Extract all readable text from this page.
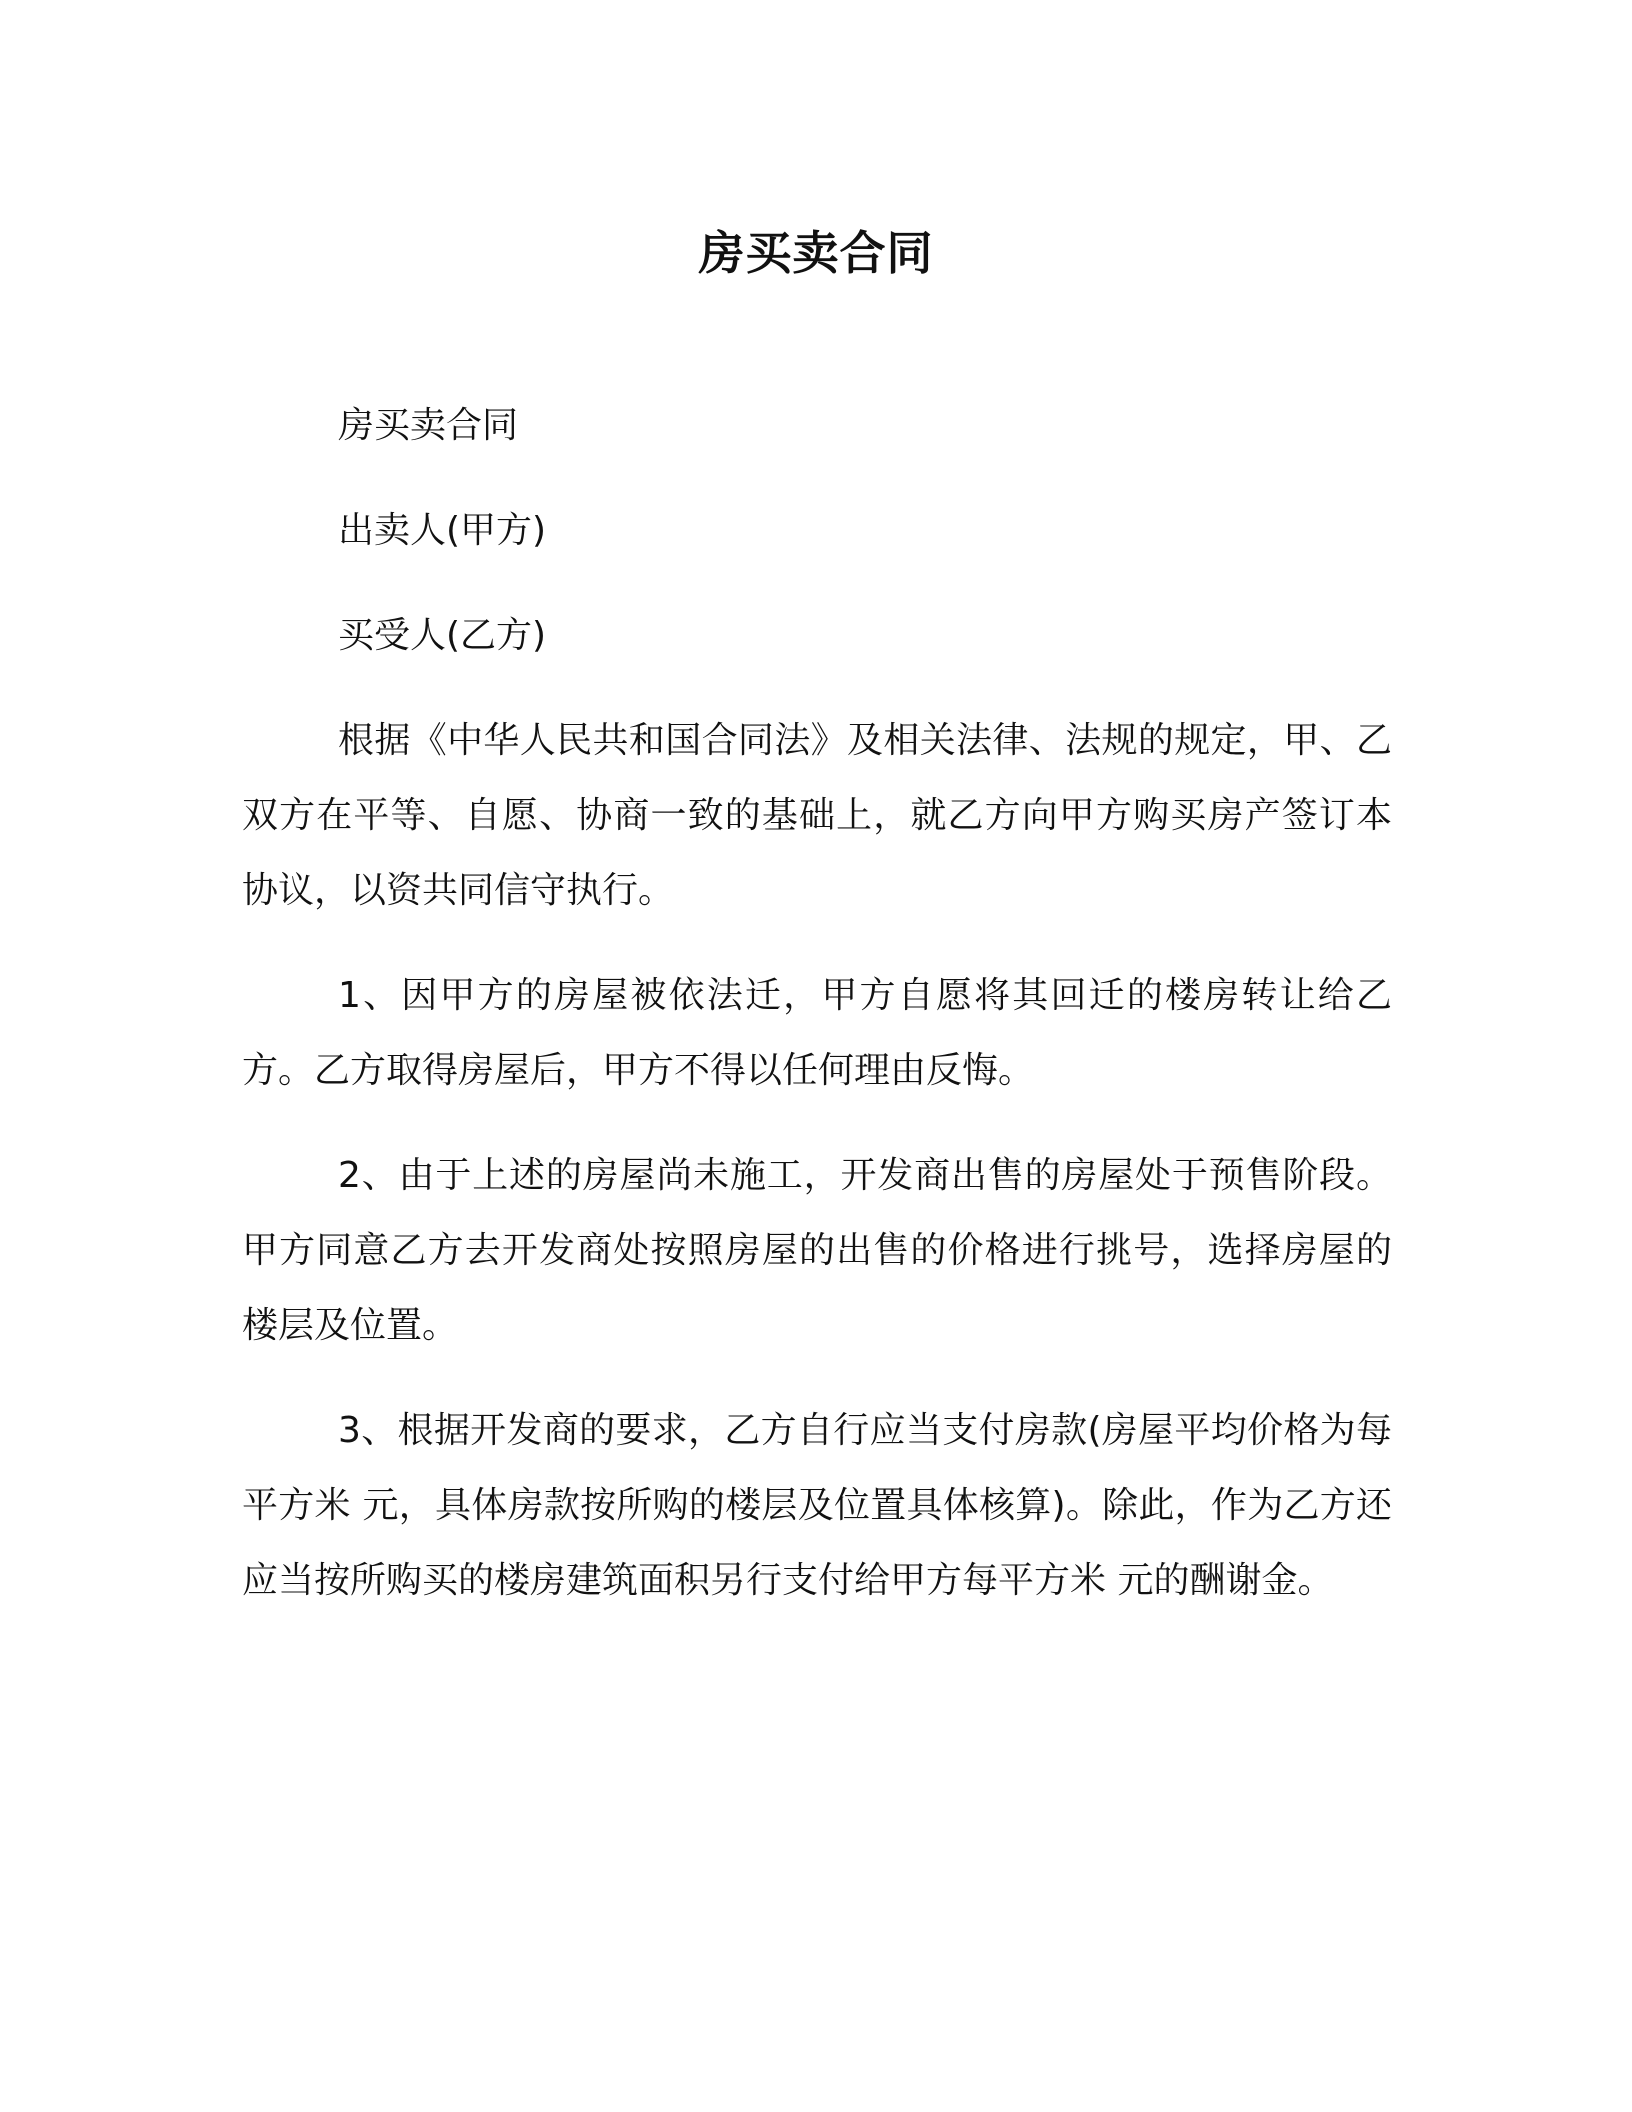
房买卖合同

房买卖合同

出卖人(甲方)

买受人(乙方)

根据《中华人民共和国合同法》及相关法律、法规的规定，甲、乙双方在平等、自愿、协商一致的基础上，就乙方向甲方购买房产签订本协议，以资共同信守执行。

1、因甲方的房屋被依法迁，甲方自愿将其回迁的楼房转让给乙方。乙方取得房屋后，甲方不得以任何理由反悔。

2、由于上述的房屋尚未施工，开发商出售的房屋处于预售阶段。甲方同意乙方去开发商处按照房屋的出售的价格进行挑号，选择房屋的楼层及位置。

3、根据开发商的要求，乙方自行应当支付房款(房屋平均价格为每平方米 元，具体房款按所购的楼层及位置具体核算)。除此，作为乙方还应当按所购买的楼房建筑面积另行支付给甲方每平方米 元的酬谢金。
